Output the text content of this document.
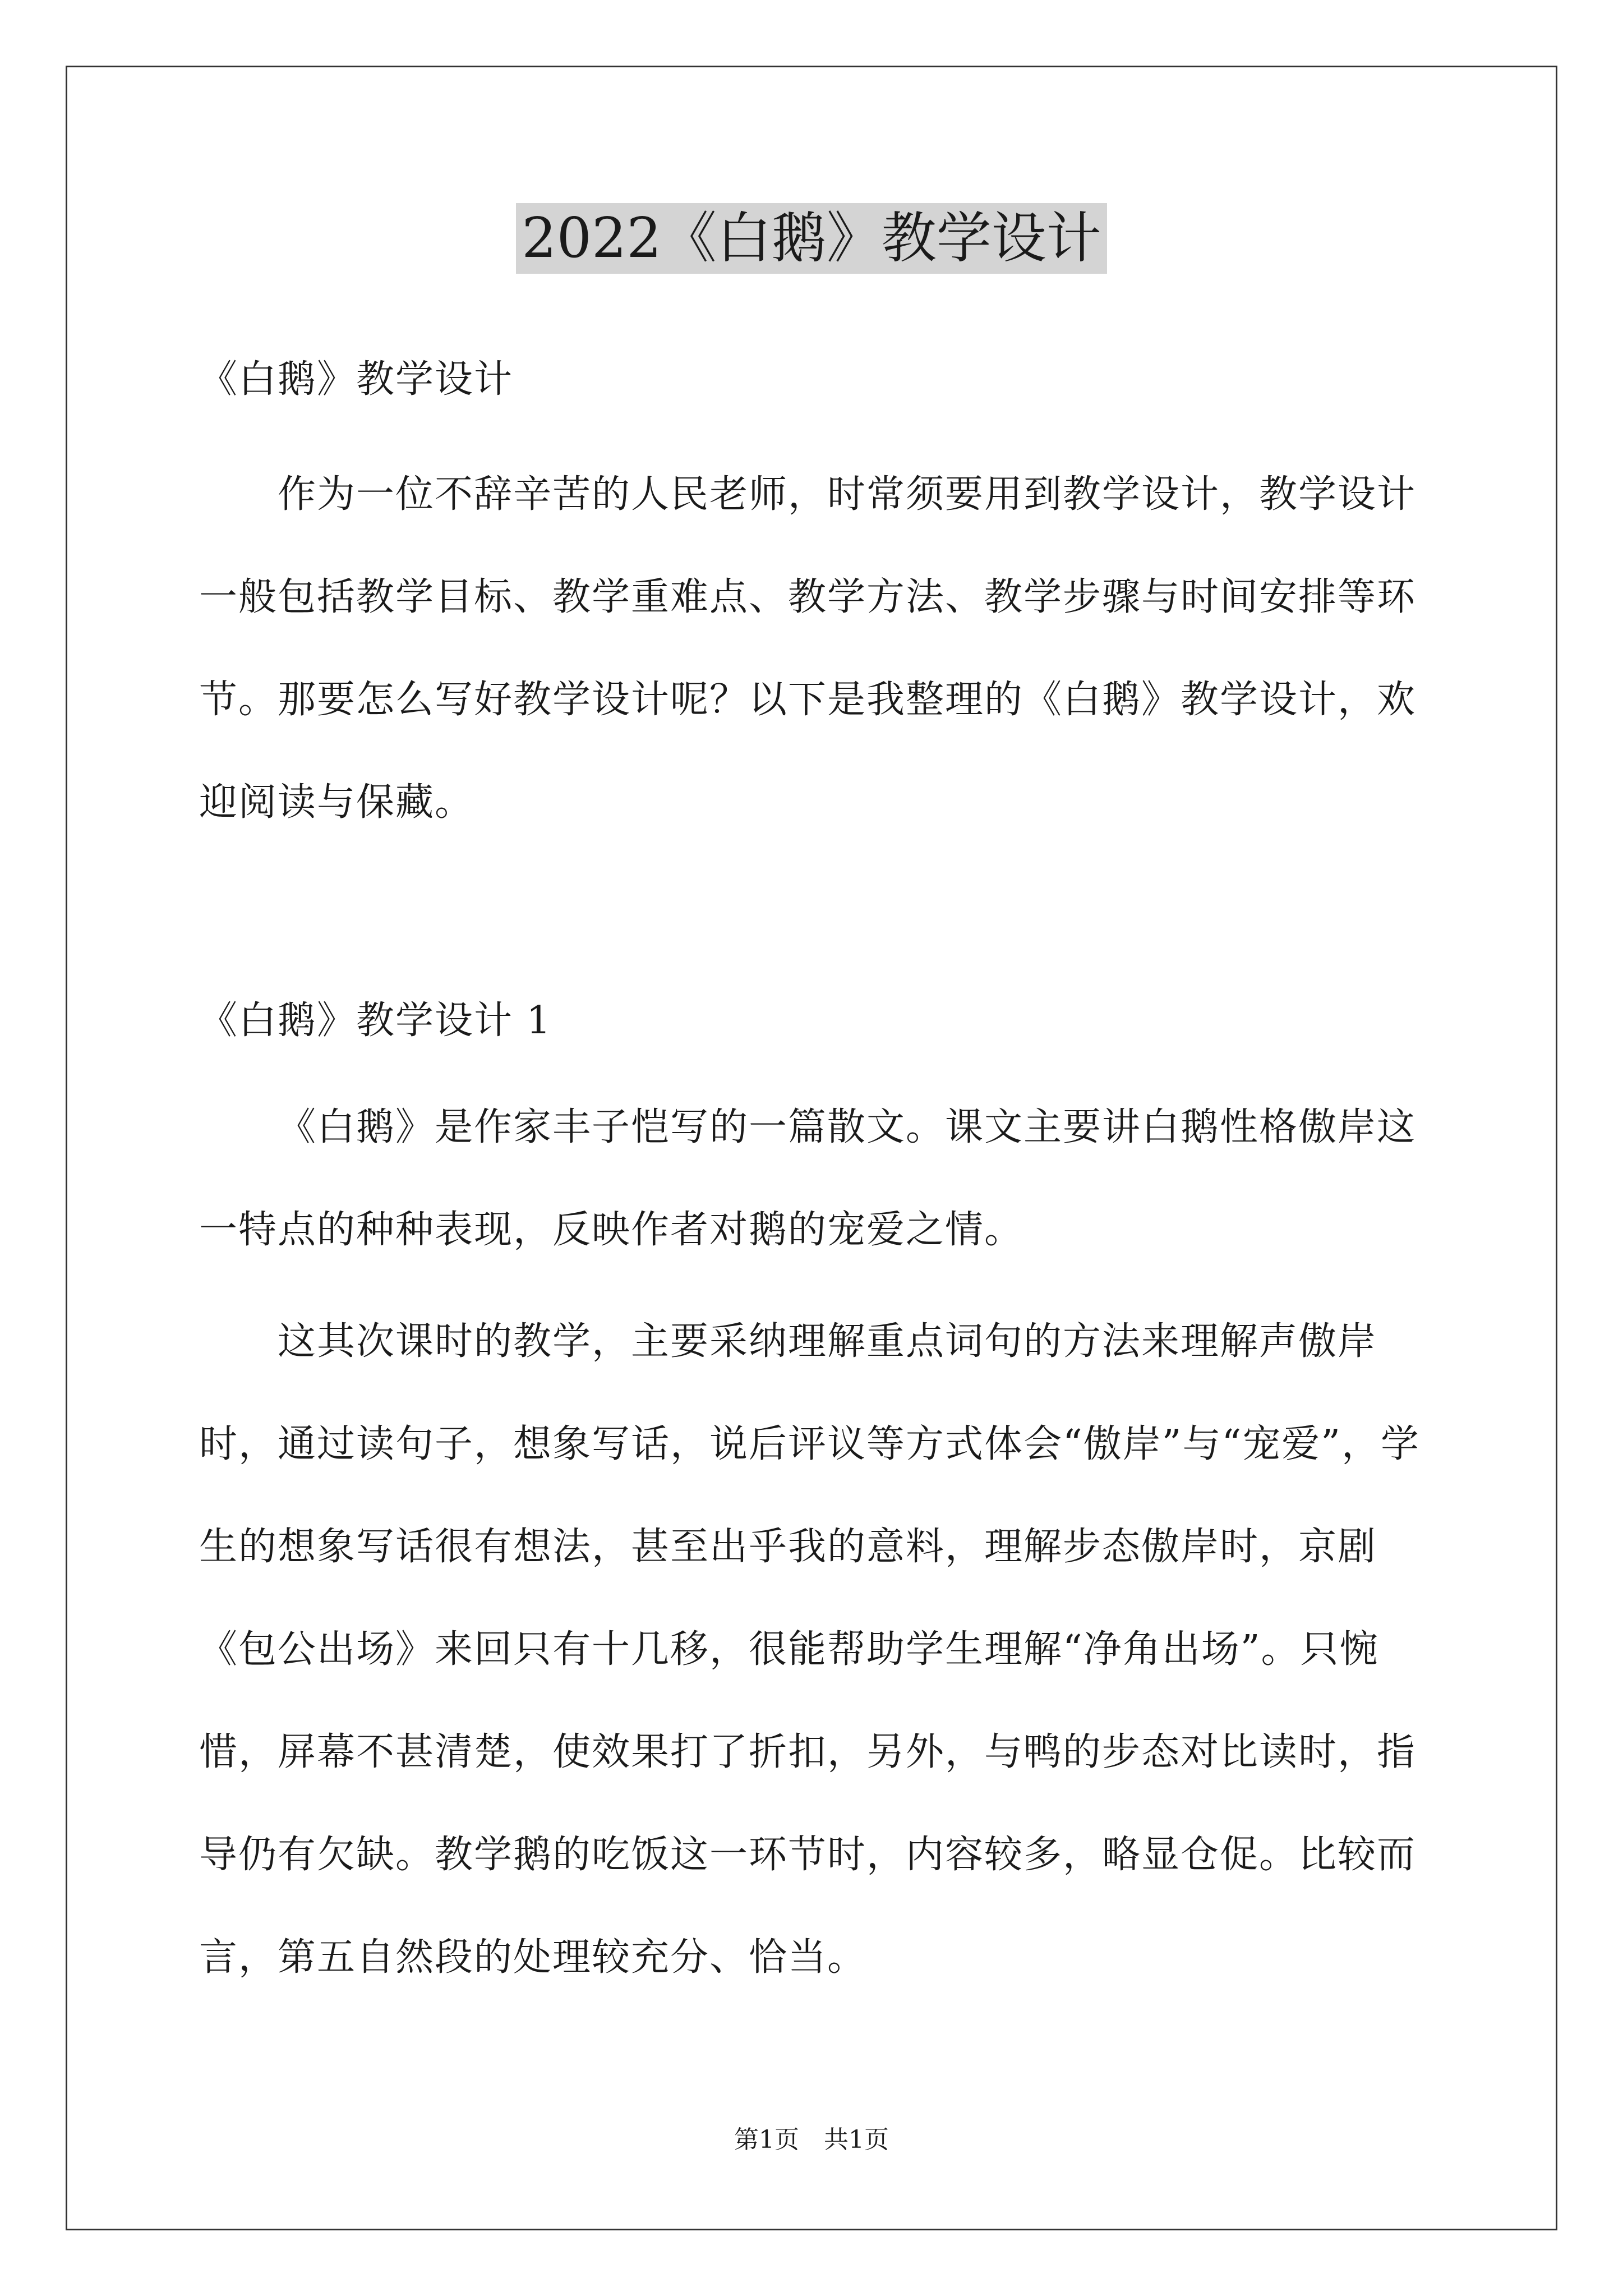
2022《白鹅》教学设计
《白鹅》教学设计
作为一位不辞辛苦的人民老师，时常须要用到教学设计，教学设计一般包括教学目标、教学重难点、教学方法、教学步骤与时间安排等环节。那要怎么写好教学设计呢？以下是我整理的《白鹅》教学设计，欢迎阅读与保藏。
《白鹅》教学设计 1
《白鹅》是作家丰子恺写的一篇散文。课文主要讲白鹅性格傲岸这一特点的种种表现，反映作者对鹅的宠爱之情。
这其次课时的教学，主要采纳理解重点词句的方法来理解声傲岸时，通过读句子，想象写话，说后评议等方式体会“傲岸”与“宠爱”，学生的想象写话很有想法，甚至出乎我的意料，理解步态傲岸时，京剧《包公出场》来回只有十几移，很能帮助学生理解“净角出场”。只惋惜，屏幕不甚清楚，使效果打了折扣，另外，与鸭的步态对比读时，指导仍有欠缺。教学鹅的吃饭这一环节时，内容较多，略显仓促。比较而言，第五自然段的处理较充分、恰当。
第1页　共1页
